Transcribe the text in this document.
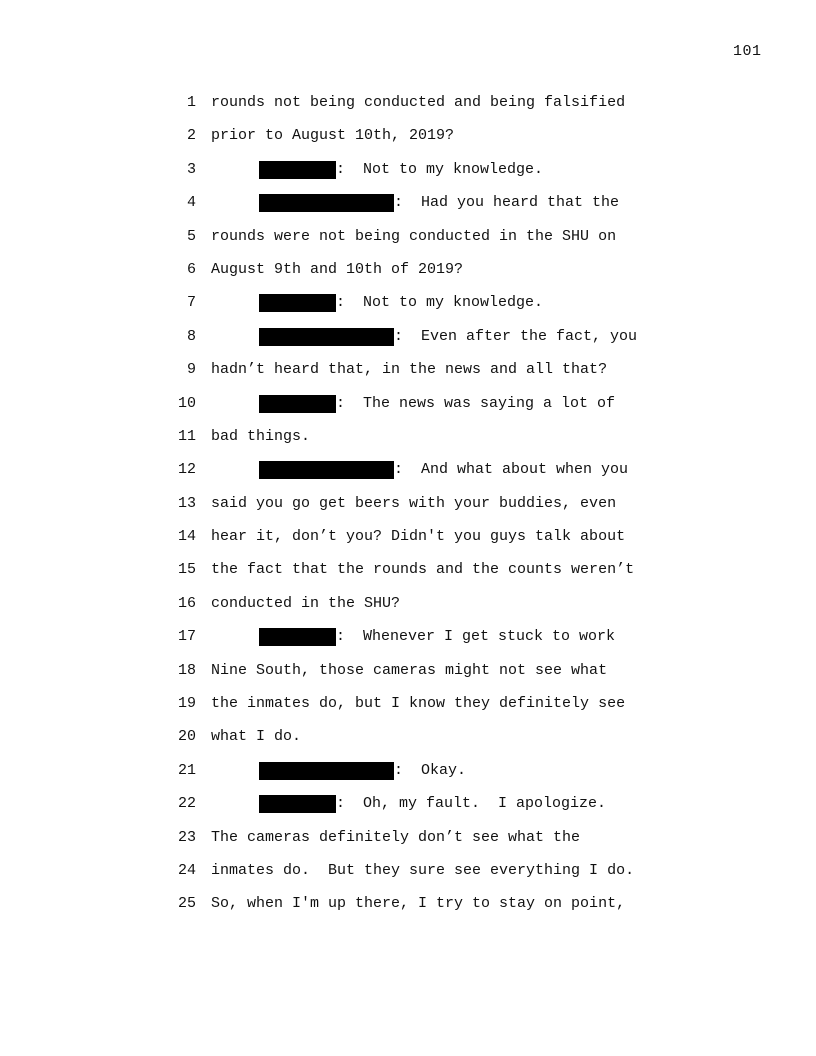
101

1

rounds not being conducted and being falsified

2

prior to August 10th, 2019?

3

	:  Not to my knowledge.

4

	:  Had you heard that the

5

rounds were not being conducted in the SHU on

6

August 9th and 10th of 2019?

7

	:  Not to my knowledge.

8

	:  Even after the fact, you

9

hadn’t heard that, in the news and all that?

10

	:  The news was saying a lot of

11

bad things.

12

	:  And what about when you

13

said you go get beers with your buddies, even

14

hear it, don’t you? Didn't you guys talk about

15

the fact that the rounds and the counts weren’t

16

conducted in the SHU?

17

	:  Whenever I get stuck to work

18

Nine South, those cameras might not see what

19

the inmates do, but I know they definitely see

20

what I do.

21

	:  Okay.

22

	:  Oh, my fault.  I apologize.

23

The cameras definitely don’t see what the

24

inmates do.  But they sure see everything I do.

25

So, when I'm up there, I try to stay on point,
